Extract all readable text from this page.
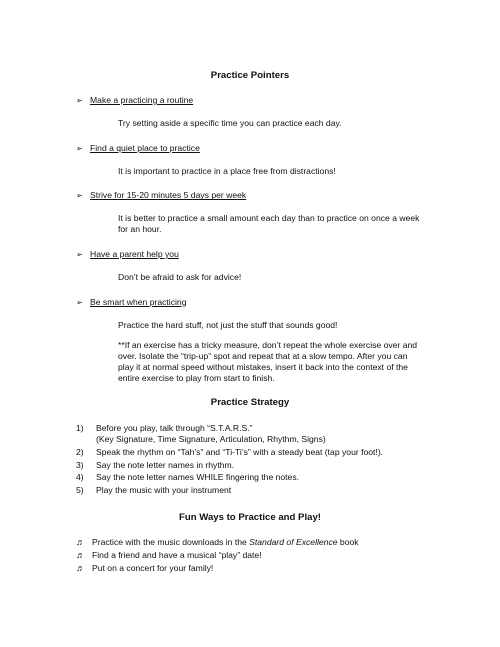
Practice Pointers
➢ Make a practicing a routine

Try setting aside a specific time you can practice each day.

➢ Find a quiet place to practice

It is important to practice in a place free from distractions!

➢ Strive for 15-20 minutes 5 days per week

It is better to practice a small amount each day than to practice on once a week for an hour.

➢ Have a parent help you

Don’t be afraid to ask for advice!

➢ Be smart when practicing

Practice the hard stuff, not just the stuff that sounds good!

**If an exercise has a tricky measure, don’t repeat the whole exercise over and over. Isolate the “trip-up” spot and repeat that at a slow tempo. After you can play it at normal speed without mistakes, insert it back into the context of the entire exercise to play from start to finish.

Practice Strategy
1)	Before you play, talk through “S.T.A.R.S.”
(Key Signature, Time Signature, Articulation, Rhythm, Signs)
2)	Speak the rhythm on “Tah’s” and “Ti-Ti’s” with a steady beat (tap your foot!).
3)	Say the note letter names in rhythm.
4)	Say the note letter names WHILE fingering the notes.
5)	Play the music with your instrument
Fun Ways to Practice and Play!
♬ Practice with the music downloads in the Standard of Excellence book
♬ Find a friend and have a musical “play” date!
♬ Put on a concert for your family!
